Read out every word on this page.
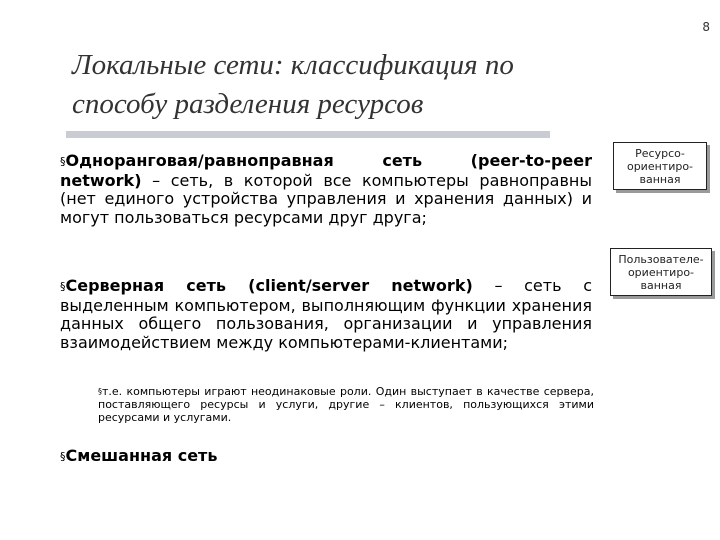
8
Локальные сети: классификация по
способу разделения ресурсов
§Одноранговая/равноправная сеть (peer-to-peer network) – сеть, в которой все компьютеры равноправны (нет единого устройства управления и хранения данных) и могут пользоваться ресурсами друг друга;
§Серверная сеть (client/server network) – сеть с выделенным компьютером, выполняющим функции хранения данных общего пользования, организации и управления взаимодействием между компьютерами-клиентами;
§т.е. компьютеры играют неодинаковые роли. Один выступает в качестве сервера, поставляющего ресурсы и услуги, другие – клиентов, пользующихся этими ресурсами и услугами.
§Смешанная сеть
Ресурсо-
ориентиро-
ванная
Пользователе-
ориентиро-
ванная
